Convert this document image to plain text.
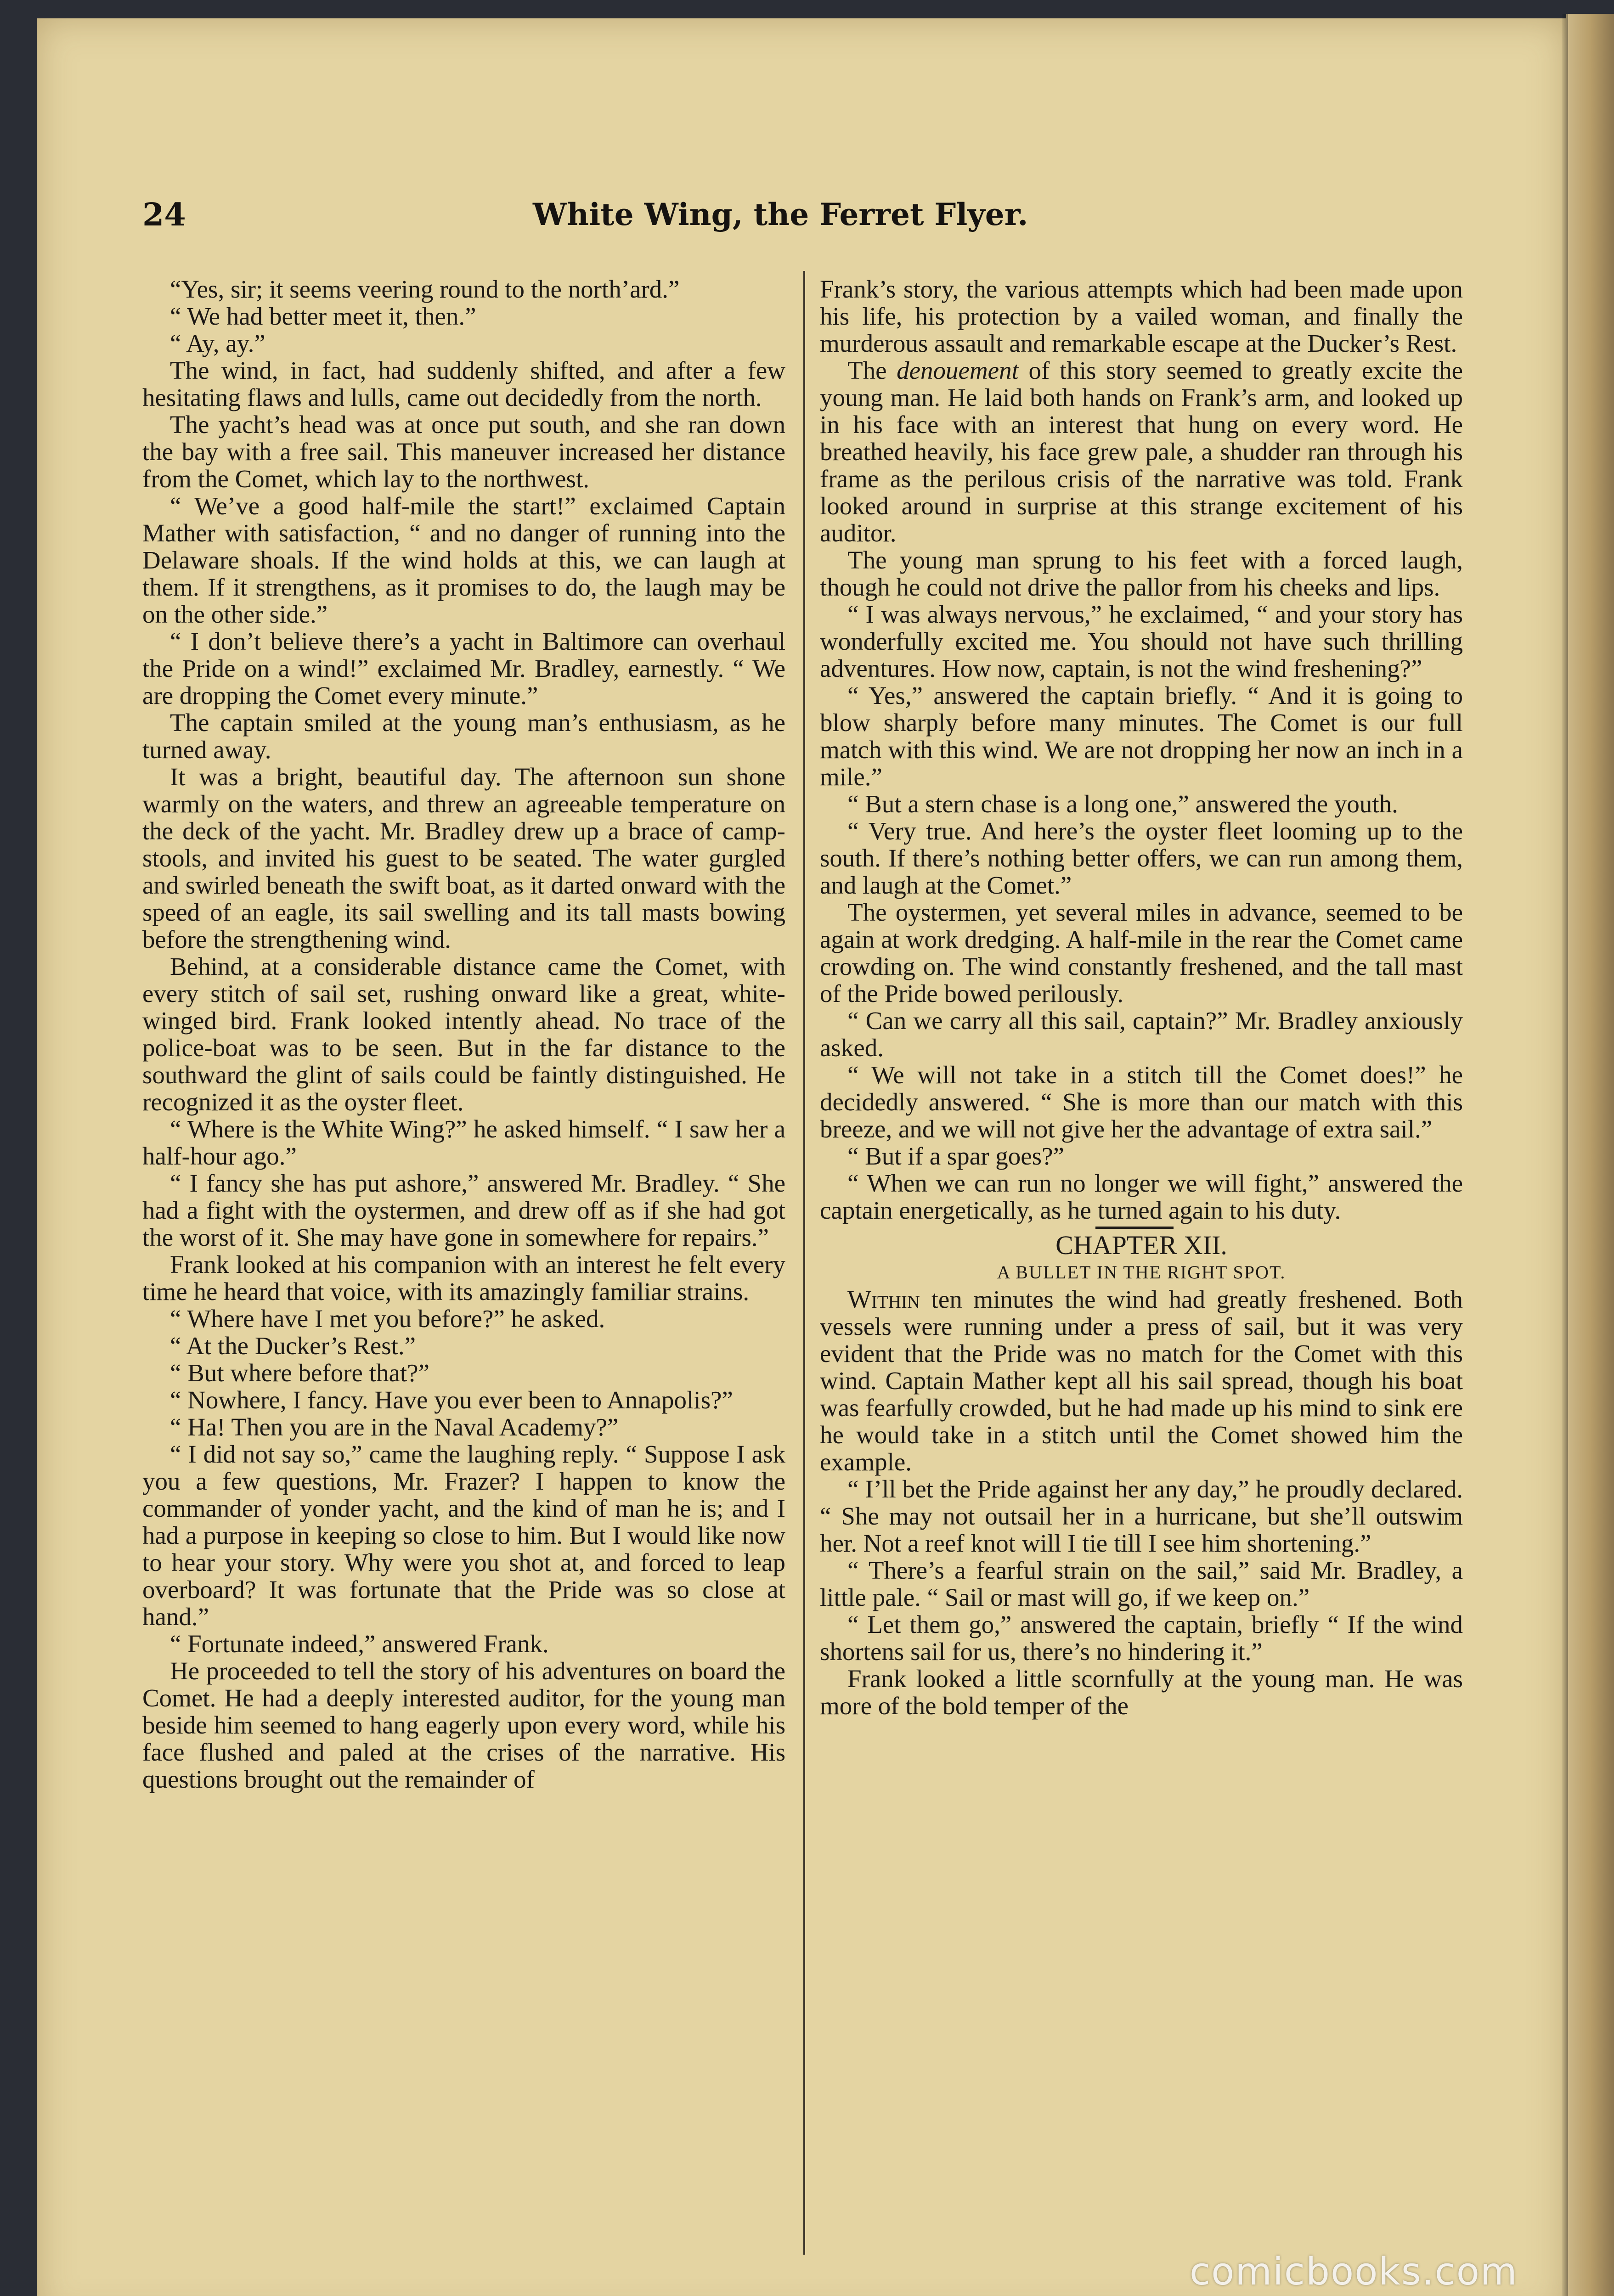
24	White Wing, the Ferret Flyer.

“Yes, sir; it seems veering round to the north’ard.”

“ We had better meet it, then.”

“ Ay, ay.”

The wind, in fact, had suddenly shifted, and after a few hesitating flaws and lulls, came out decidedly from the north.

The yacht’s head was at once put south, and she ran down the bay with a free sail. This maneuver increased her distance from the Comet, which lay to the northwest.

“ We’ve a good half-mile the start!” exclaimed Captain Mather with satisfaction, “ and no danger of running into the Delaware shoals. If the wind holds at this, we can laugh at them. If it strengthens, as it promises to do, the laugh may be on the other side.”

“ I don’t believe there’s a yacht in Baltimore can overhaul the Pride on a wind!” exclaimed Mr. Bradley, earnestly. “ We are dropping the Comet every minute.”

The captain smiled at the young man’s enthusiasm, as he turned away.

It was a bright, beautiful day. The afternoon sun shone warmly on the waters, and threw an agreeable temperature on the deck of the yacht. Mr. Bradley drew up a brace of camp-stools, and invited his guest to be seated. The water gurgled and swirled beneath the swift boat, as it darted onward with the speed of an eagle, its sail swelling and its tall masts bowing before the strengthening wind.

Behind, at a considerable distance came the Comet, with every stitch of sail set, rushing onward like a great, white-winged bird. Frank looked intently ahead. No trace of the police-boat was to be seen. But in the far distance to the southward the glint of sails could be faintly distinguished. He recognized it as the oyster fleet.

“ Where is the White Wing?” he asked himself. “ I saw her a half-hour ago.”

“ I fancy she has put ashore,” answered Mr. Bradley. “ She had a fight with the oystermen, and drew off as if she had got the worst of it. She may have gone in somewhere for repairs.”

Frank looked at his companion with an interest he felt every time he heard that voice, with its amazingly familiar strains.

“ Where have I met you before?” he asked.

“ At the Ducker’s Rest.”

“ But where before that?”

“ Nowhere, I fancy. Have you ever been to Annapolis?”

“ Ha! Then you are in the Naval Academy?”

“ I did not say so,” came the laughing reply. “ Suppose I ask you a few questions, Mr. Frazer? I happen to know the commander of yonder yacht, and the kind of man he is; and I had a purpose in keeping so close to him. But I would like now to hear your story. Why were you shot at, and forced to leap overboard? It was fortunate that the Pride was so close at hand.”

“ Fortunate indeed,” answered Frank.

He proceeded to tell the story of his adventures on board the Comet. He had a deeply interested auditor, for the young man beside him seemed to hang eagerly upon every word, while his face flushed and paled at the crises of the narrative. His questions brought out the remainder of

Frank’s story, the various attempts which had been made upon his life, his protection by a vailed woman, and finally the murderous assault and remarkable escape at the Ducker’s Rest.

The denouement of this story seemed to greatly excite the young man. He laid both hands on Frank’s arm, and looked up in his face with an interest that hung on every word. He breathed heavily, his face grew pale, a shudder ran through his frame as the perilous crisis of the narrative was told. Frank looked around in surprise at this strange excitement of his auditor.

The young man sprung to his feet with a forced laugh, though he could not drive the pallor from his cheeks and lips.

“ I was always nervous,” he exclaimed, “ and your story has wonderfully excited me. You should not have such thrilling adventures. How now, captain, is not the wind freshening?”

“ Yes,” answered the captain briefly. “ And it is going to blow sharply before many minutes. The Comet is our full match with this wind. We are not dropping her now an inch in a mile.”

“ But a stern chase is a long one,” answered the youth.

“ Very true. And here’s the oyster fleet looming up to the south. If there’s nothing better offers, we can run among them, and laugh at the Comet.”

The oystermen, yet several miles in advance, seemed to be again at work dredging. A half-mile in the rear the Comet came crowding on. The wind constantly freshened, and the tall mast of the Pride bowed perilously.

“ Can we carry all this sail, captain?” Mr. Bradley anxiously asked.

“ We will not take in a stitch till the Comet does!” he decidedly answered. “ She is more than our match with this breeze, and we will not give her the advantage of extra sail.”

“ But if a spar goes?”

“ When we can run no longer we will fight,” answered the captain energetically, as he turned again to his duty.

CHAPTER XII.

A BULLET IN THE RIGHT SPOT.

Within ten minutes the wind had greatly freshened. Both vessels were running under a press of sail, but it was very evident that the Pride was no match for the Comet with this wind. Captain Mather kept all his sail spread, though his boat was fearfully crowded, but he had made up his mind to sink ere he would take in a stitch until the Comet showed him the example.

“ I’ll bet the Pride against her any day,” he proudly declared. “ She may not outsail her in a hurricane, but she’ll outswim her. Not a reef knot will I tie till I see him shortening.”

“ There’s a fearful strain on the sail,” said Mr. Bradley, a little pale. “ Sail or mast will go, if we keep on.”

“ Let them go,” answered the captain, briefly “ If the wind shortens sail for us, there’s no hindering it.”

Frank looked a little scornfully at the young man. He was more of the bold temper of the

comicbooks.com
